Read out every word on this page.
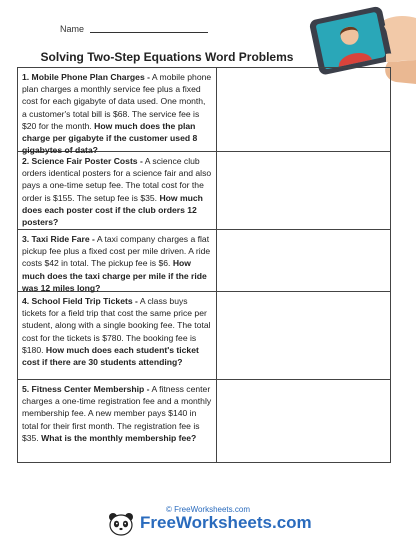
Name
Solving Two-Step Equations Word Problems
1. Mobile Phone Plan Charges - A mobile phone plan charges a monthly service fee plus a fixed cost for each gigabyte of data used. One month, a customer's total bill is $68. The service fee is $20 for the month. How much does the plan charge per gigabyte if the customer used 8 gigabytes of data?
2. Science Fair Poster Costs - A science club orders identical posters for a science fair and also pays a one-time setup fee. The total cost for the order is $155. The setup fee is $35. How much does each poster cost if the club orders 12 posters?
3. Taxi Ride Fare - A taxi company charges a flat pickup fee plus a fixed cost per mile driven. A ride costs $42 in total. The pickup fee is $6. How much does the taxi charge per mile if the ride was 12 miles long?
4. School Field Trip Tickets - A class buys tickets for a field trip that cost the same price per student, along with a single booking fee. The total cost for the tickets is $780. The booking fee is $180. How much does each student's ticket cost if there are 30 students attending?
5. Fitness Center Membership - A fitness center charges a one-time registration fee and a monthly membership fee. A new member pays $140 in total for their first month. The registration fee is $35. What is the monthly membership fee?
© FreeWorksheets.com
FreeWorksheets.com
